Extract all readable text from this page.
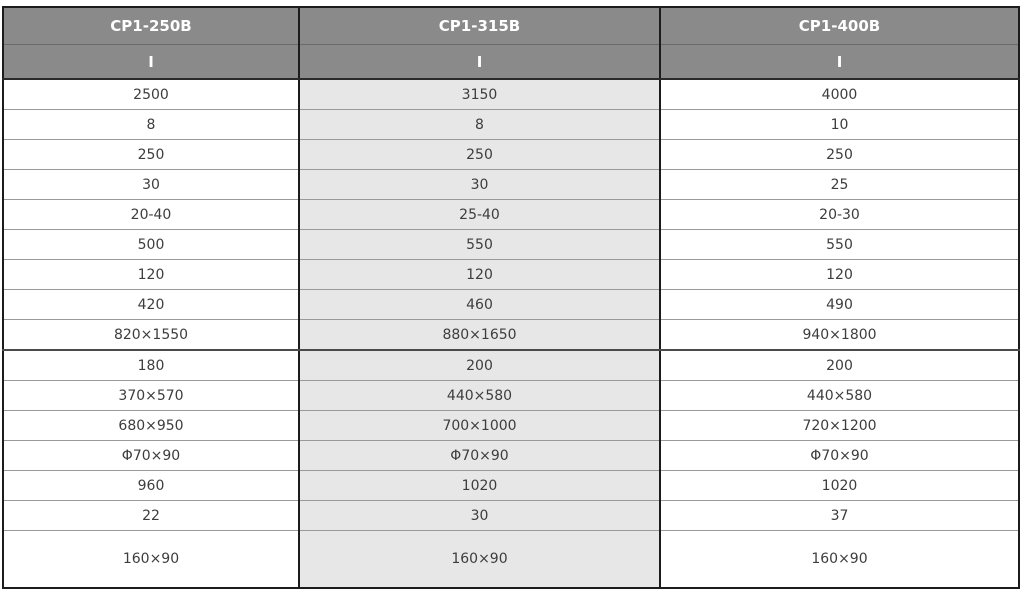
CP1-250B	CP1-315B	CP1-400B
I	I	I
2500	3150	4000
8	8	10
250	250	250
30	30	25
20-40	25-40	20-30
500	550	550
120	120	120
420	460	490
820×1550	880×1650	940×1800
180	200	200
370×570	440×580	440×580
680×950	700×1000	720×1200
Φ70×90	Φ70×90	Φ70×90
960	1020	1020
22	30	37
160×90	160×90	160×90
